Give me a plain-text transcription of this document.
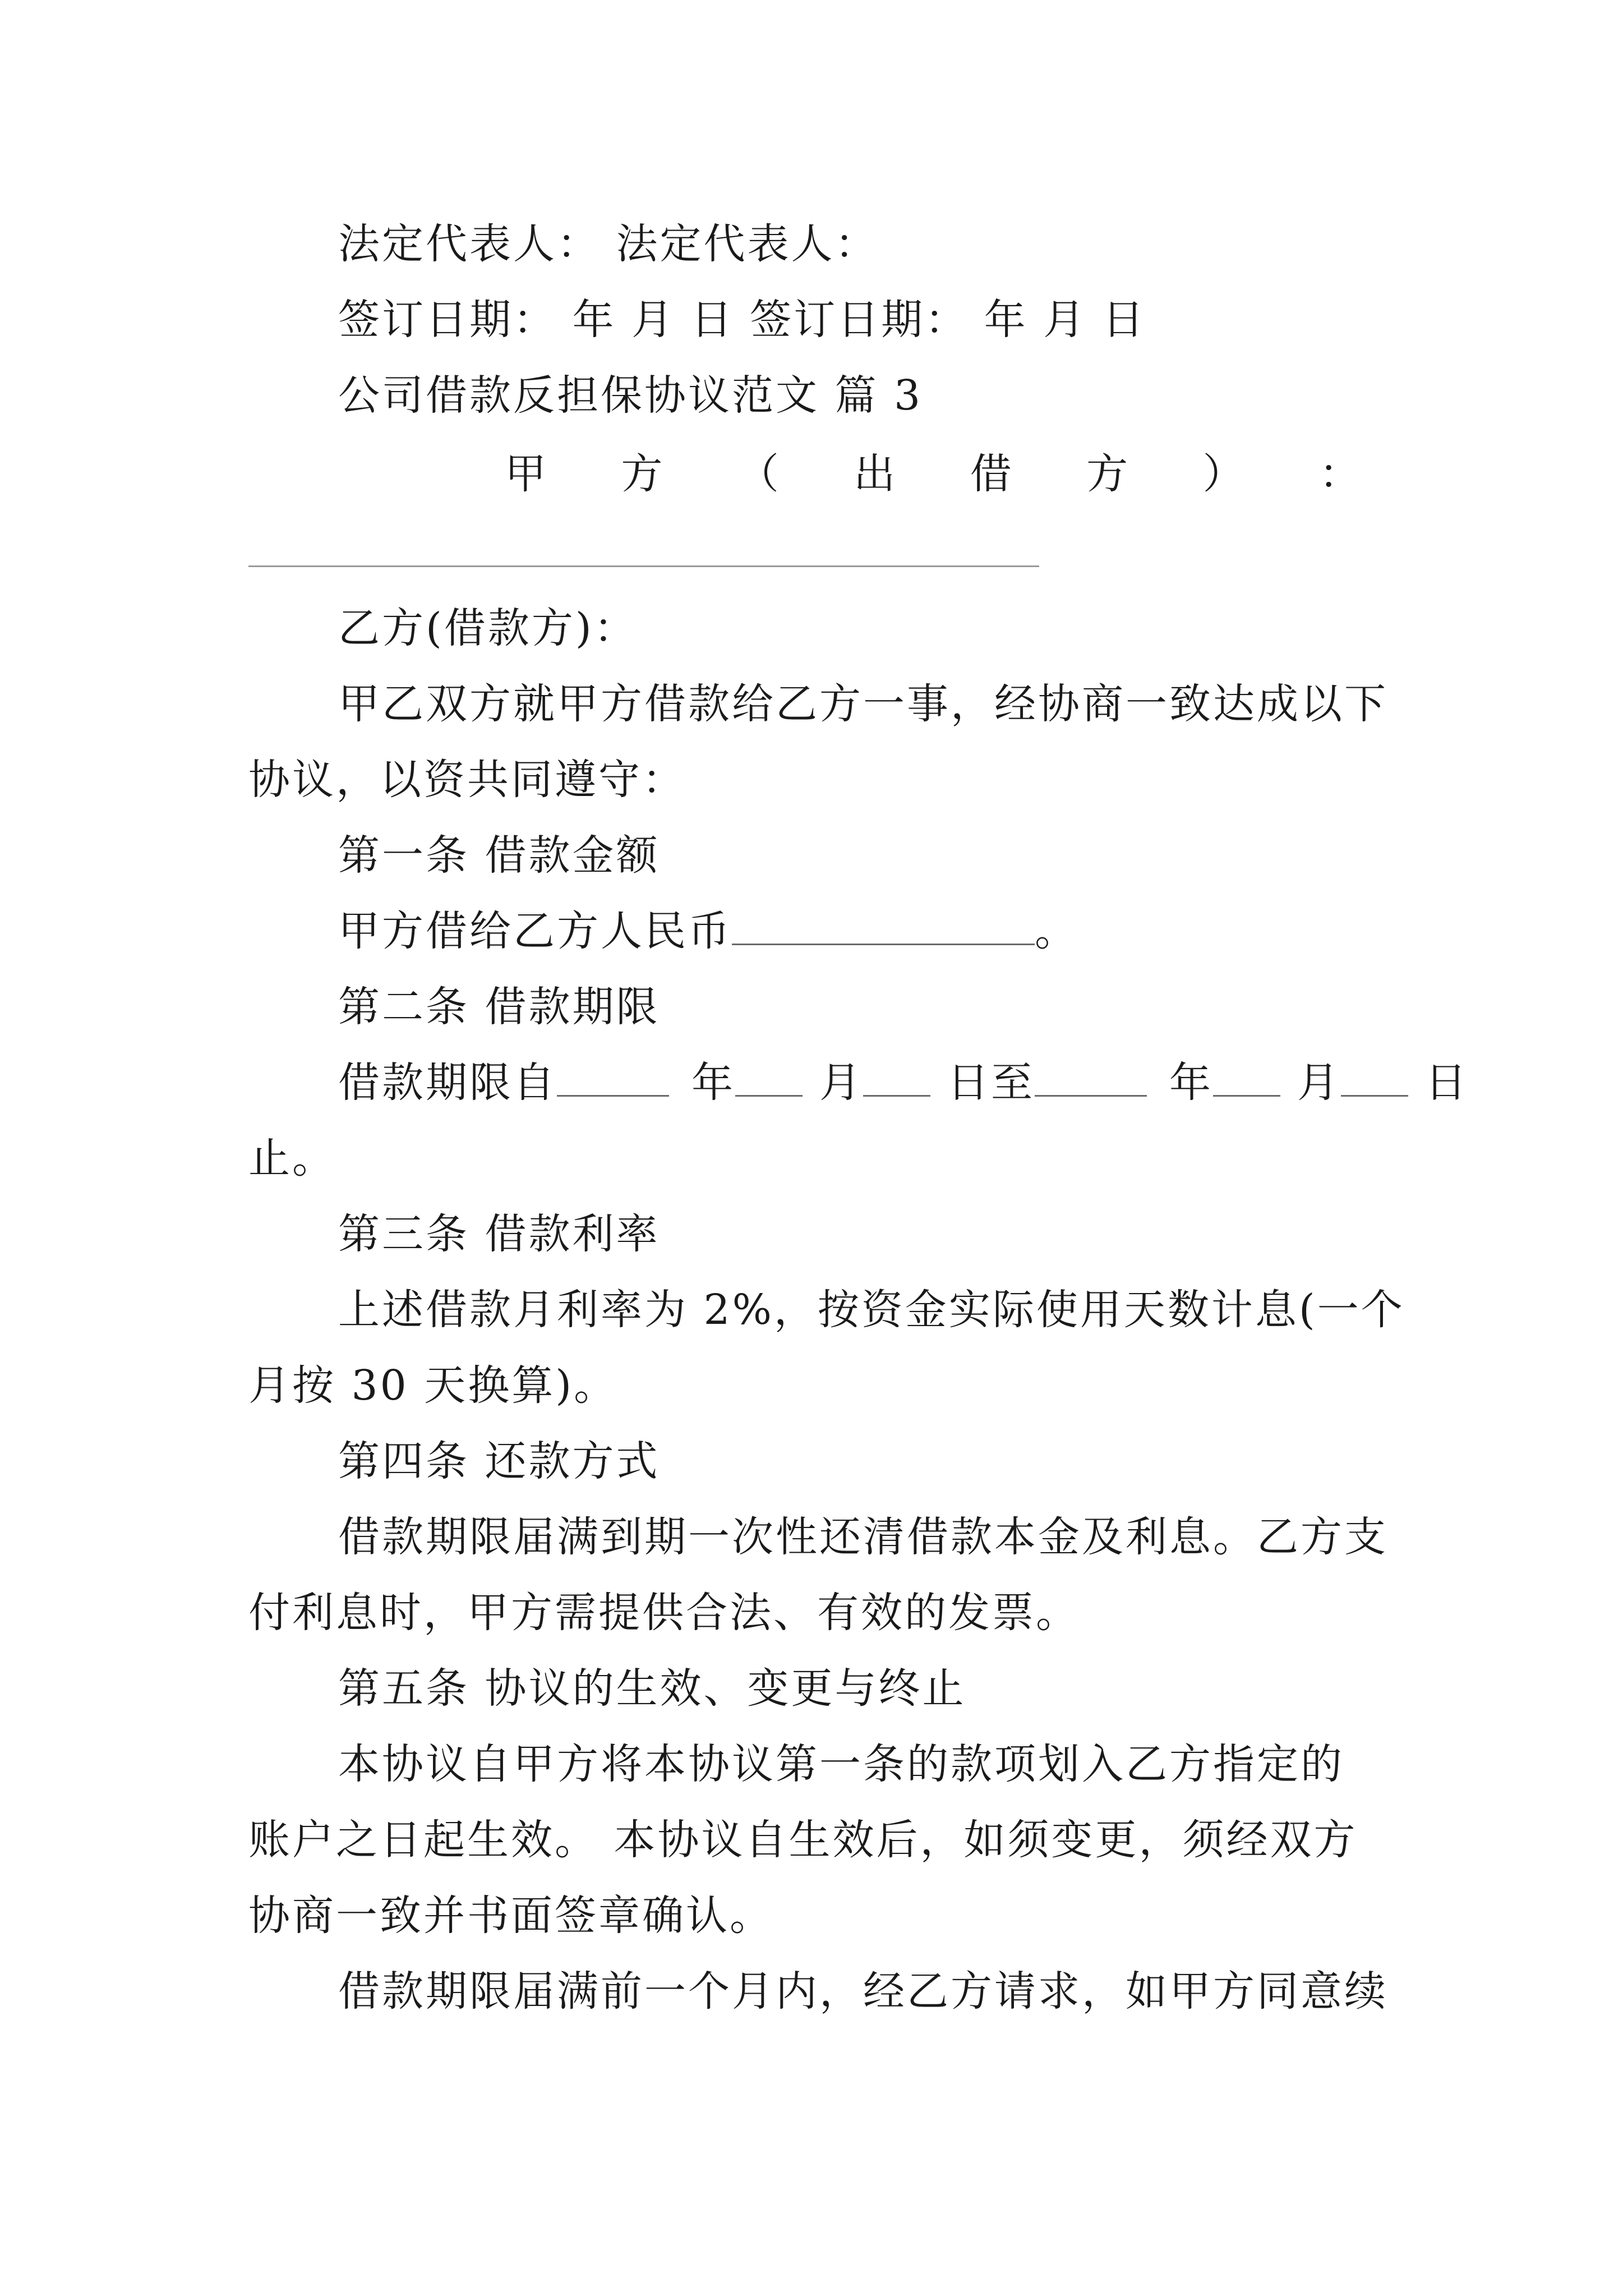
法定代表人： 法定代表人：
签订日期： 年 月 日 签订日期： 年 月 日
公司借款反担保协议范文 篇 3
甲 方 （ 出 借 方 ） ：
乙方(借款方)：
甲乙双方就甲方借款给乙方一事，经协商一致达成以下
协议，以资共同遵守：
第一条 借款金额
甲方借给乙方人民币	。
第二条 借款期限
借款期限自	年 月 日至	年 月 日
止。
第三条 借款利率
上述借款月利率为 2%，按资金实际使用天数计息(一个
月按 30 天换算)。
第四条 还款方式
借款期限届满到期一次性还清借款本金及利息。乙方支
付利息时，甲方需提供合法、有效的发票。
第五条 协议的生效、变更与终止
本协议自甲方将本协议第一条的款项划入乙方指定的
账户之日起生效。 本协议自生效后，如须变更，须经双方
协商一致并书面签章确认。
借款期限届满前一个月内，经乙方请求，如甲方同意续
